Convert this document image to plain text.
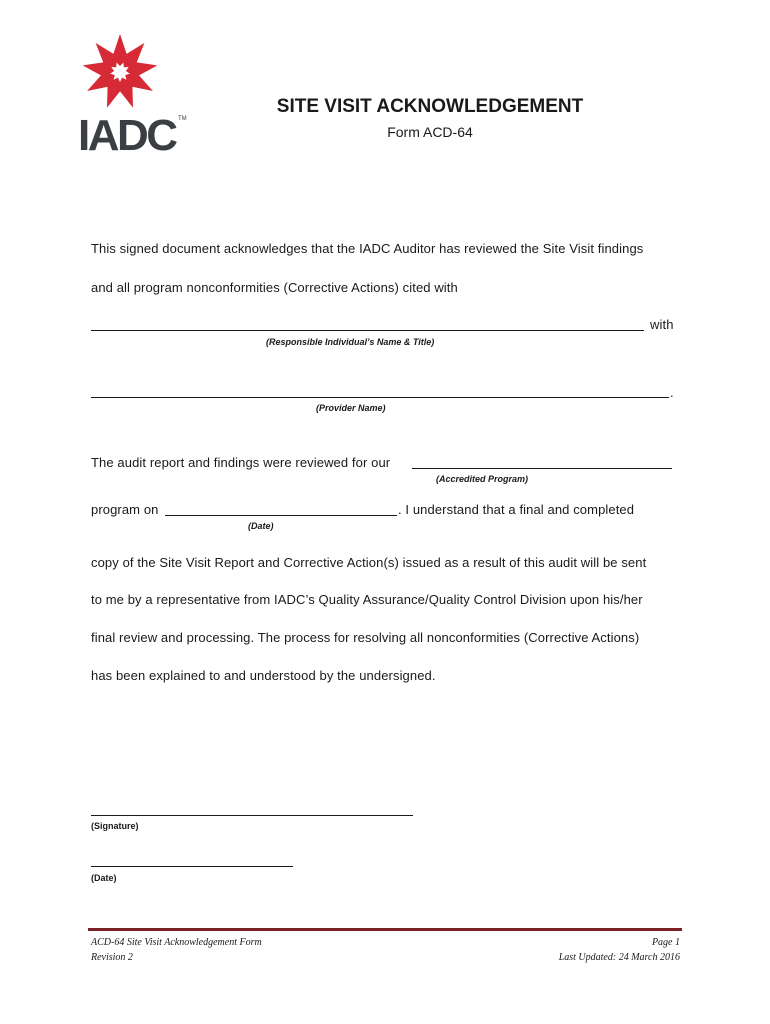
IADC TM
SITE VISIT ACKNOWLEDGEMENT
Form ACD-64
This signed document acknowledges that the IADC Auditor has reviewed the Site Visit findings
and all program nonconformities (Corrective Actions) cited with
with
(Responsible Individual’s Name & Title)
.
(Provider Name)
The audit report and findings were reviewed for our
(Accredited Program)
program on	. I understand that a final and completed
(Date)
copy of the Site Visit Report and Corrective Action(s) issued as a result of this audit will be sent
to me by a representative from IADC’s Quality Assurance/Quality Control Division upon his/her
final review and processing. The process for resolving all nonconformities (Corrective Actions)
has been explained to and understood by the undersigned.
(Signature)
(Date)
ACD-64 Site Visit Acknowledgement Form
Revision 2
Page 1
Last Updated: 24 March 2016
